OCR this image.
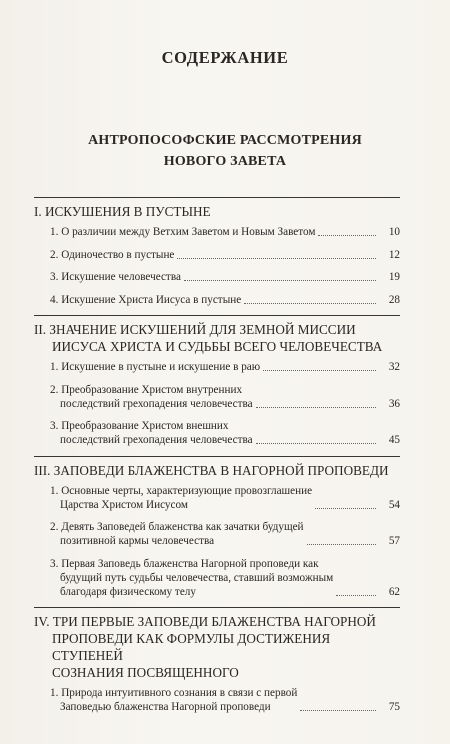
СОДЕРЖАНИЕ
АНТРОПОСОФСКИЕ РАССМОТРЕНИЯ
НОВОГО ЗАВЕТА
I. ИСКУШЕНИЯ В ПУСТЫНЕ
1. О различии между Ветхим Заветом и Новым Заветом	10
2. Одиночество в пустыне	12
3. Искушение человечества	19
4. Искушение Христа Иисуса в пустыне	28
II. ЗНАЧЕНИЕ ИСКУШЕНИЙ ДЛЯ ЗЕМНОЙ МИССИИ
ИИСУСА ХРИСТА И СУДЬБЫ ВСЕГО ЧЕЛОВЕЧЕСТВА
1. Искушение в пустыне и искушение в раю	32
2. Преобразование Христом внутренних
последствий грехопадения человечества	36
3. Преобразование Христом внешних
последствий грехопадения человечества	45
III. ЗАПОВЕДИ БЛАЖЕНСТВА В НАГОРНОЙ ПРОПОВЕДИ
1. Основные черты, характеризующие провозглашение
Царства Христом Иисусом	54
2. Девять Заповедей блаженства как зачатки будущей
позитивной кармы человечества	57
3. Первая Заповедь блаженства Нагорной проповеди как
будущий путь судьбы человечества, ставший возможным
благодаря физическому телу	62
IV. ТРИ ПЕРВЫЕ ЗАПОВЕДИ БЛАЖЕНСТВА НАГОРНОЙ
ПРОПОВЕДИ КАК ФОРМУЛЫ ДОСТИЖЕНИЯ СТУПЕНЕЙ
СОЗНАНИЯ ПОСВЯЩЕННОГО
1. Природа интуитивного сознания в связи с первой
Заповедью блаженства Нагорной проповеди	75
